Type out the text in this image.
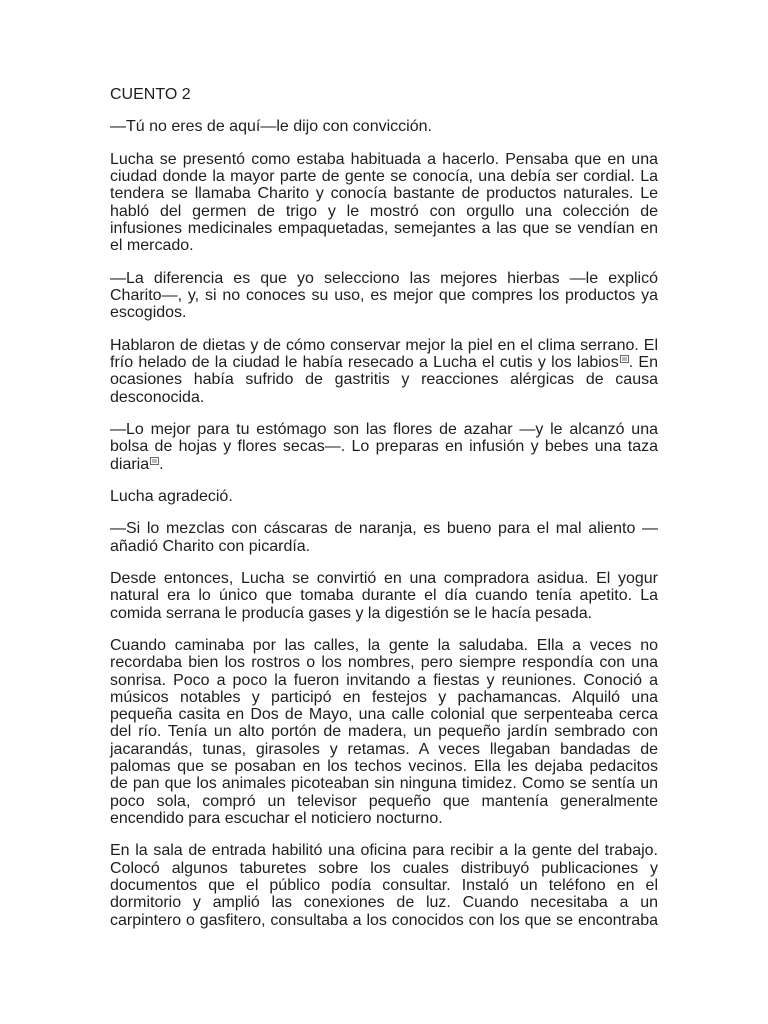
CUENTO 2
—Tú no eres de aquí—le dijo con convicción.
Lucha se presentó como estaba habituada a hacerlo. Pensaba que en una
ciudad donde la mayor parte de gente se conocía, una debía ser cordial. La
tendera se llamaba Charito y conocía bastante de productos naturales. Le
habló del germen de trigo y le mostró con orgullo una colección de
infusiones medicinales empaquetadas, semejantes a las que se vendían en
el mercado.
—La diferencia es que yo selecciono las mejores hierbas —le explicó
Charito—, y, si no conoces su uso, es mejor que compres los productos ya
escogidos.
Hablaron de dietas y de cómo conservar mejor la piel en el clima serrano. El
frío helado de la ciudad le había resecado a Lucha el cutis y los labios . En
ocasiones había sufrido de gastritis y reacciones alérgicas de causa
desconocida.
—Lo mejor para tu estómago son las flores de azahar —y le alcanzó una
bolsa de hojas y flores secas—. Lo preparas en infusión y bebes una taza
diaria .
Lucha agradeció.
—Si lo mezclas con cáscaras de naranja, es bueno para el mal aliento —
añadió Charito con picardía.
Desde entonces, Lucha se convirtió en una compradora asidua. El yogur
natural era lo único que tomaba durante el día cuando tenía apetito. La
comida serrana le producía gases y la digestión se le hacía pesada.
Cuando caminaba por las calles, la gente la saludaba. Ella a veces no
recordaba bien los rostros o los nombres, pero siempre respondía con una
sonrisa. Poco a poco la fueron invitando a fiestas y reuniones. Conoció a
músicos notables y participó en festejos y pachamancas. Alquiló una
pequeña casita en Dos de Mayo, una calle colonial que serpenteaba cerca
del río. Tenía un alto portón de madera, un pequeño jardín sembrado con
jacarandás, tunas, girasoles y retamas. A veces llegaban bandadas de
palomas que se posaban en los techos vecinos. Ella les dejaba pedacitos
de pan que los animales picoteaban sin ninguna timidez. Como se sentía un
poco sola, compró un televisor pequeño que mantenía generalmente
encendido para escuchar el noticiero nocturno.
En la sala de entrada habilitó una oficina para recibir a la gente del trabajo.
Colocó algunos taburetes sobre los cuales distribuyó publicaciones y
documentos que el público podía consultar. Instaló un teléfono en el
dormitorio y amplió las conexiones de luz. Cuando necesitaba a un
carpintero o gasfitero, consultaba a los conocidos con los que se encontraba
